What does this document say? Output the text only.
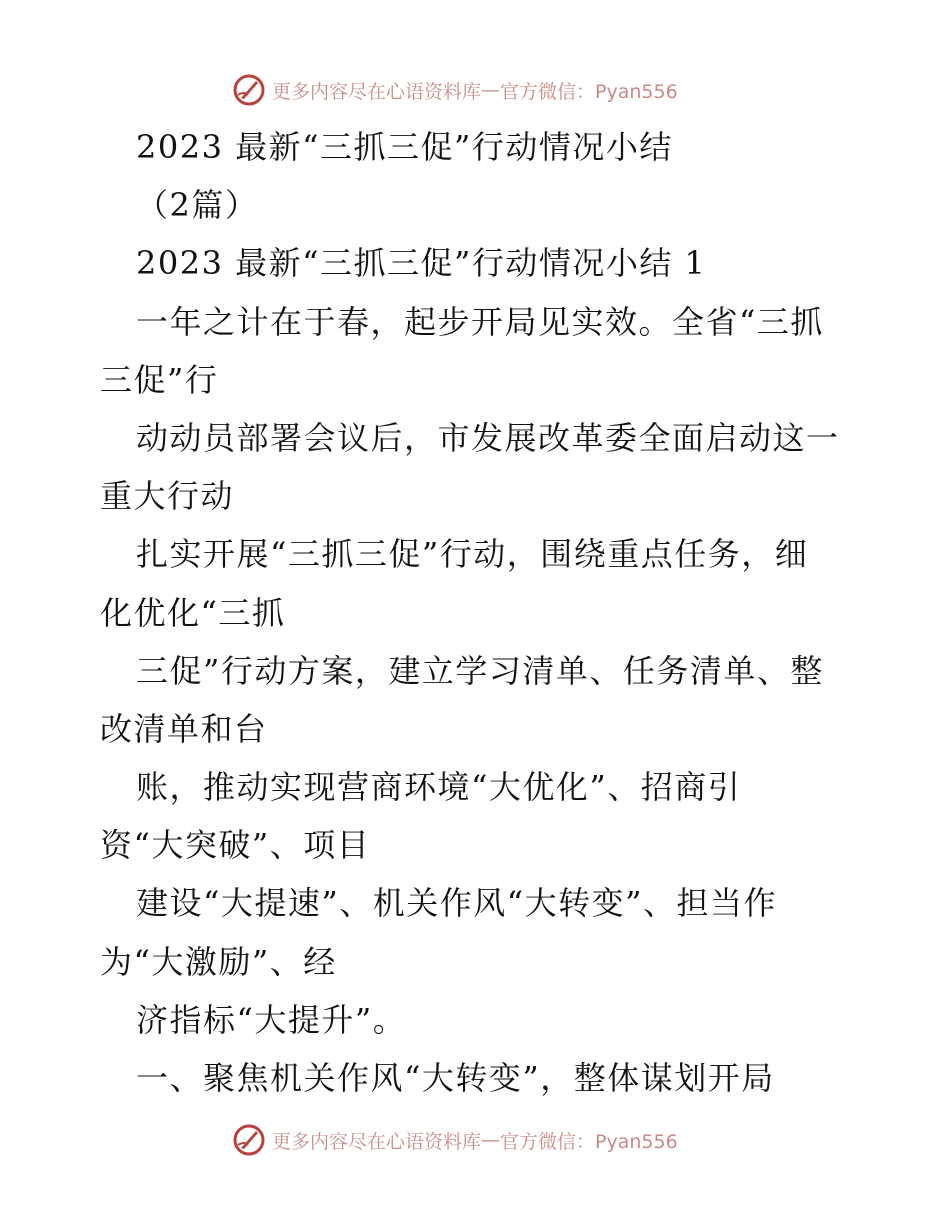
更多内容尽在心语资料库 — 官方微信：Pyan556
2023 最新“三抓三促”行动情况小结
（2篇）
2023 最新“三抓三促”行动情况小结 1
一年之计在于春，起步开局见实效。全省“三抓
三促”行
动动员部署会议后，市发展改革委全面启动这一
重大行动
扎实开展“三抓三促”行动，围绕重点任务，细
化优化“三抓
三促”行动方案，建立学习清单、任务清单、整
改清单和台
账，推动实现营商环境“大优化”、招商引
资“大突破”、项目
建设“大提速”、机关作风“大转变”、担当作
为“大激励”、经
济指标“大提升”。
一、聚焦机关作风“大转变”，整体谋划开局
更多内容尽在心语资料库 — 官方微信：Pyan556
